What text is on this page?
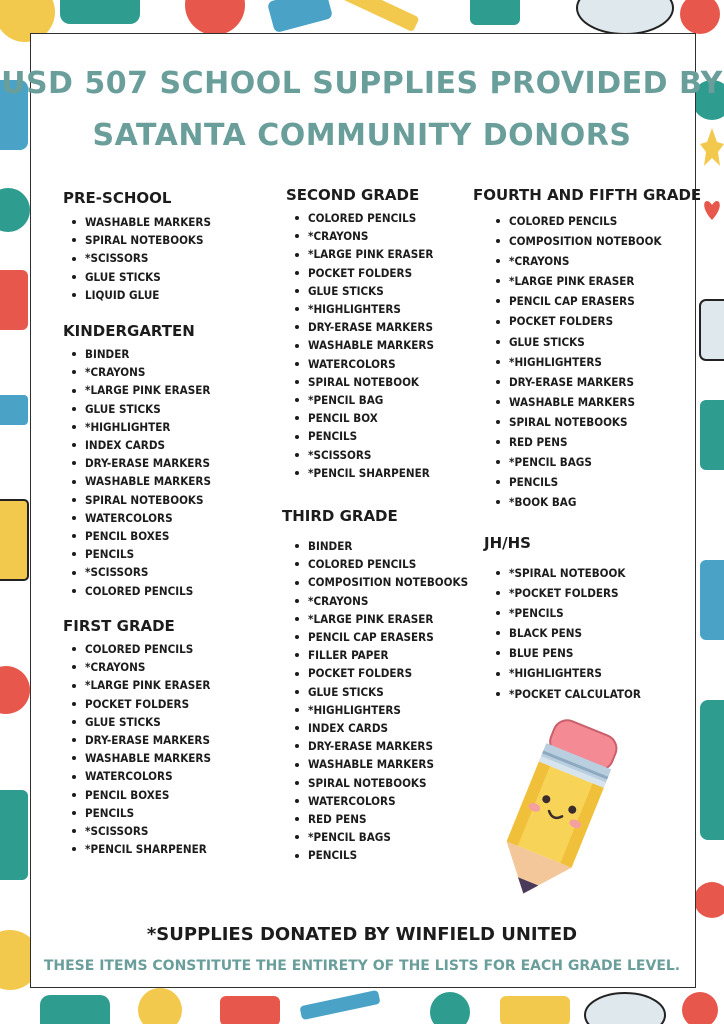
USD 507 SCHOOL SUPPLIES PROVIDED BY
SATANTA COMMUNITY DONORS
PRE-SCHOOL
WASHABLE MARKERS
SPIRAL NOTEBOOKS
*SCISSORS
GLUE STICKS
LIQUID GLUE
KINDERGARTEN
BINDER
*CRAYONS
*LARGE PINK ERASER
GLUE STICKS
*HIGHLIGHTER
INDEX CARDS
DRY-ERASE MARKERS
WASHABLE MARKERS
SPIRAL NOTEBOOKS
WATERCOLORS
PENCIL BOXES
PENCILS
*SCISSORS
COLORED PENCILS
FIRST GRADE
COLORED PENCILS
*CRAYONS
*LARGE PINK ERASER
POCKET FOLDERS
GLUE STICKS
DRY-ERASE MARKERS
WASHABLE MARKERS
WATERCOLORS
PENCIL BOXES
PENCILS
*SCISSORS
*PENCIL SHARPENER
SECOND GRADE
COLORED PENCILS
*CRAYONS
*LARGE PINK ERASER
POCKET FOLDERS
GLUE STICKS
*HIGHLIGHTERS
DRY-ERASE MARKERS
WASHABLE MARKERS
WATERCOLORS
SPIRAL NOTEBOOK
*PENCIL BAG
PENCIL BOX
PENCILS
*SCISSORS
*PENCIL SHARPENER
THIRD GRADE
BINDER
COLORED PENCILS
COMPOSITION NOTEBOOKS
*CRAYONS
*LARGE PINK ERASER
PENCIL CAP ERASERS
FILLER PAPER
POCKET FOLDERS
GLUE STICKS
*HIGHLIGHTERS
INDEX CARDS
DRY-ERASE MARKERS
WASHABLE MARKERS
SPIRAL NOTEBOOKS
WATERCOLORS
RED PENS
*PENCIL BAGS
PENCILS
FOURTH AND FIFTH GRADE
COLORED PENCILS
COMPOSITION NOTEBOOK
*CRAYONS
*LARGE PINK ERASER
PENCIL CAP ERASERS
POCKET FOLDERS
GLUE STICKS
*HIGHLIGHTERS
DRY-ERASE MARKERS
WASHABLE MARKERS
SPIRAL NOTEBOOKS
RED PENS
*PENCIL BAGS
PENCILS
*BOOK BAG
JH/HS
*SPIRAL NOTEBOOK
*POCKET FOLDERS
*PENCILS
BLACK PENS
BLUE PENS
*HIGHLIGHTERS
*POCKET CALCULATOR

*SUPPLIES DONATED BY WINFIELD UNITED

THESE ITEMS CONSTITUTE THE ENTIRETY OF THE LISTS FOR EACH GRADE LEVEL.
